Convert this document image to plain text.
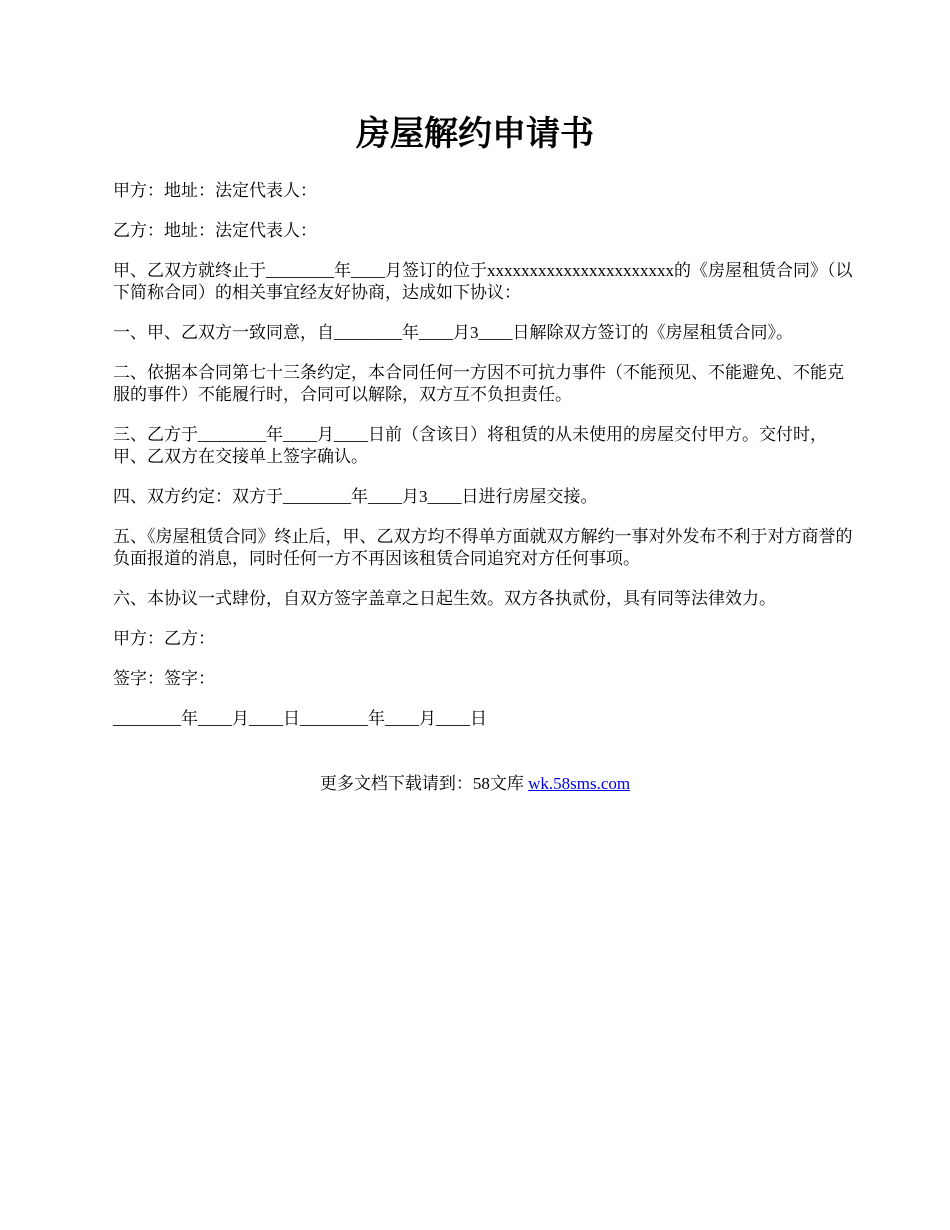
房屋解约申请书

甲方：地址：法定代表人：

乙方：地址：法定代表人：

甲、乙双方就终止于________年____月签订的位于xxxxxxxxxxxxxxxxxxxxxx的《房屋租赁合同》（以下简称合同）的相关事宜经友好协商，达成如下协议：

一、甲、乙双方一致同意，自________年____月3____日解除双方签订的《房屋租赁合同》。

二、依据本合同第七十三条约定，本合同任何一方因不可抗力事件（不能预见、不能避免、不能克服的事件）不能履行时，合同可以解除，双方互不负担责任。

三、乙方于________年____月____日前（含该日）将租赁的从未使用的房屋交付甲方。交付时，甲、乙双方在交接单上签字确认。

四、双方约定：双方于________年____月3____日进行房屋交接。

五、《房屋租赁合同》终止后，甲、乙双方均不得单方面就双方解约一事对外发布不利于对方商誉的负面报道的消息，同时任何一方不再因该租赁合同追究对方任何事项。

六、本协议一式肆份，自双方签字盖章之日起生效。双方各执贰份，具有同等法律效力。

甲方：乙方：

签字：签字：

________年____月____日________年____月____日

更多文档下载请到：58文库 wk.58sms.com
